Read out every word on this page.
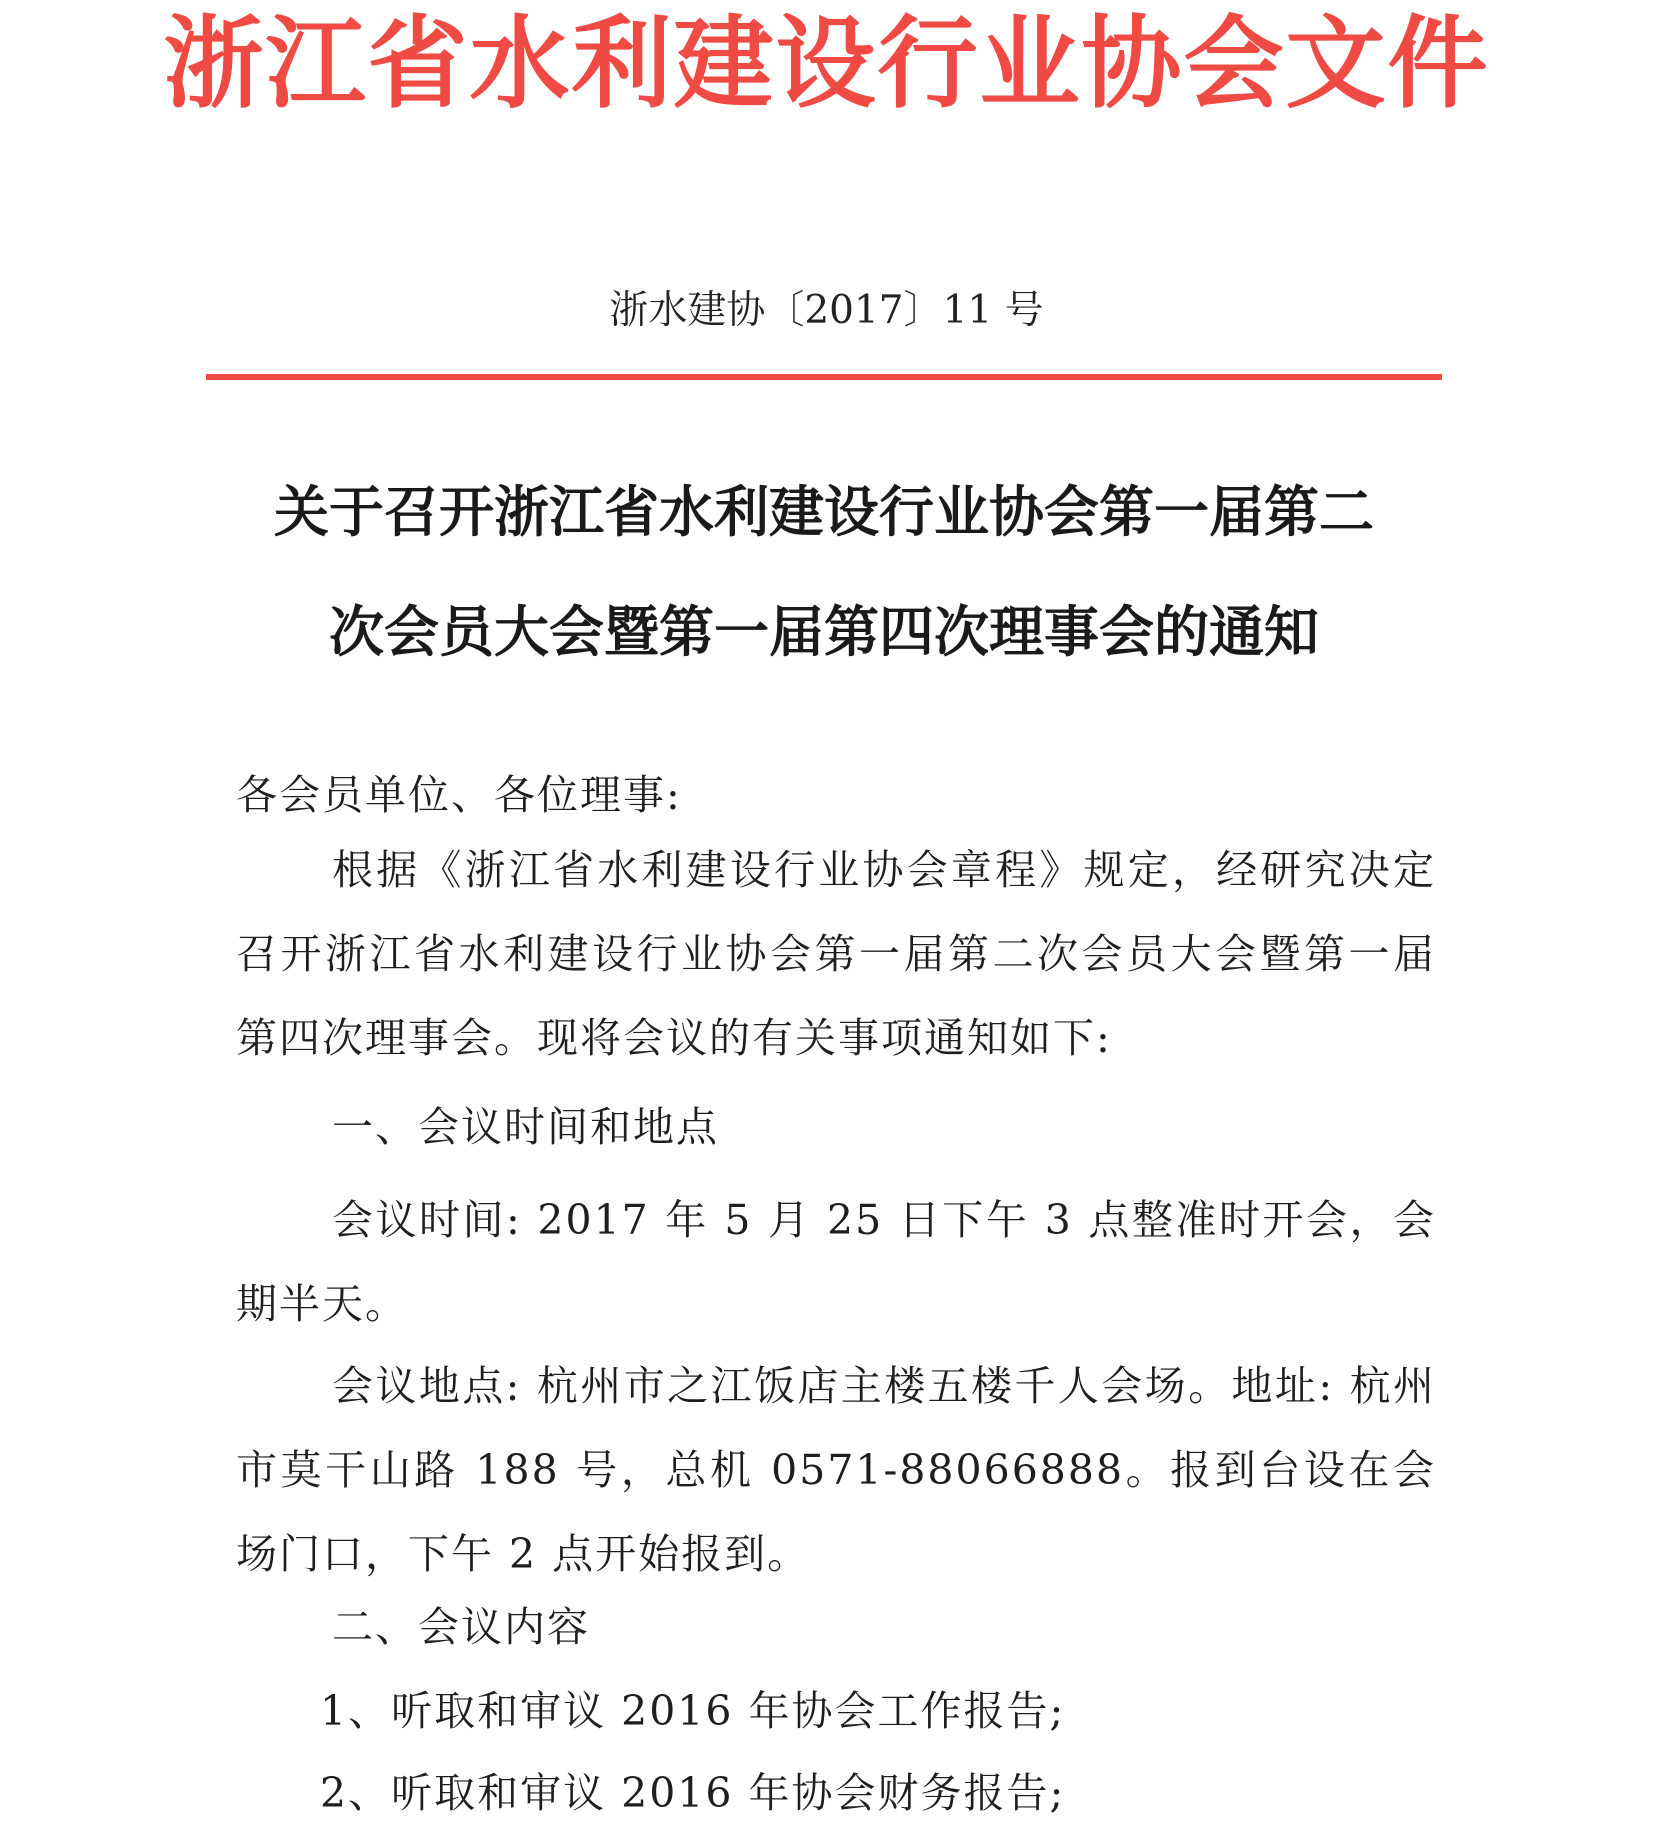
浙江省水利建设行业协会文件
浙水建协〔2017〕11 号
关于召开浙江省水利建设行业协会第一届第二
次会员大会暨第一届第四次理事会的通知
各会员单位、各位理事:
根据《浙江省水利建设行业协会章程》规定，经研究决定召开浙江省水利建设行业协会第一届第二次会员大会暨第一届第四次理事会。现将会议的有关事项通知如下:
一、会议时间和地点
会议时间: 2017 年 5 月 25 日下午 3 点整准时开会，会期半天。
会议地点: 杭州市之江饭店主楼五楼千人会场。地址: 杭州市莫干山路 188 号，总机 0571-88066888。报到台设在会场门口，下午 2 点开始报到。
二、会议内容
1、听取和审议 2016 年协会工作报告;
2、听取和审议 2016 年协会财务报告;
